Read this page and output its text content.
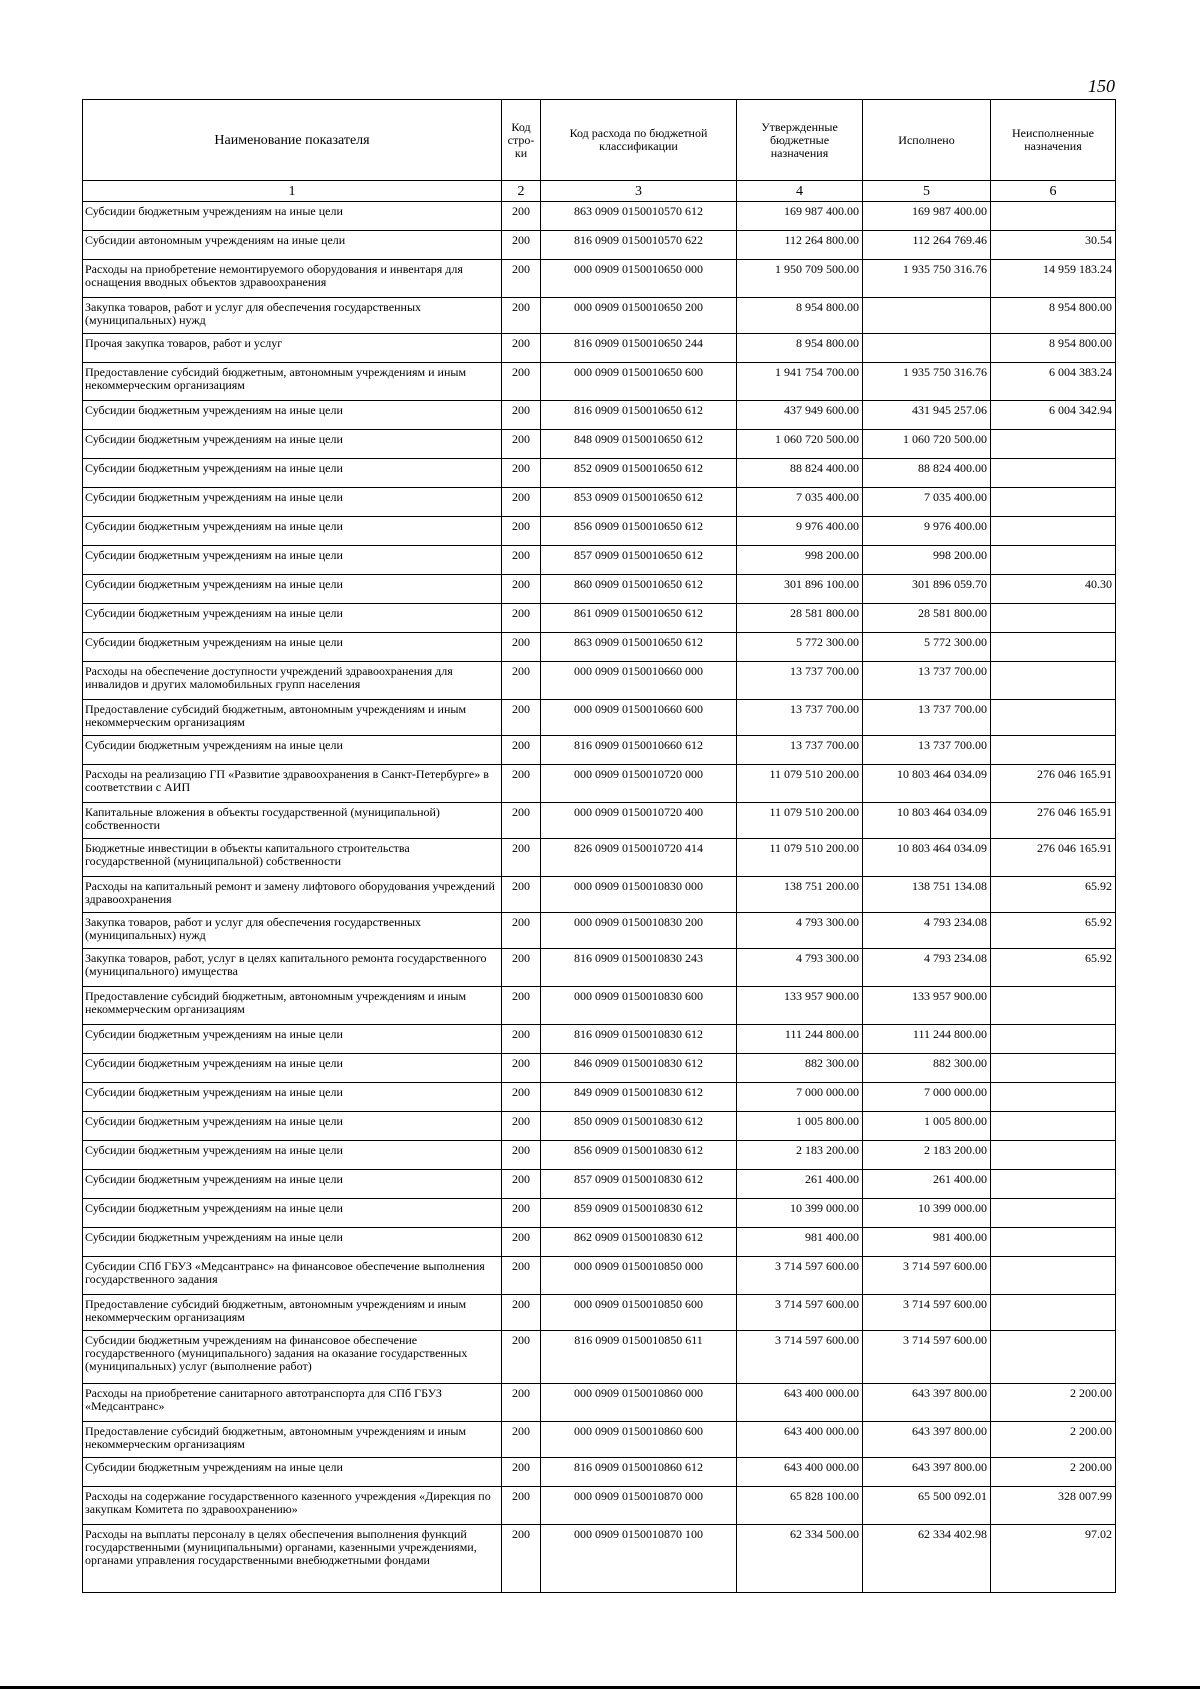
150
Наименование показателя	Код стро-ки	Код расхода по бюджетной классификации	Утвержденные бюджетные назначения	Исполнено	Неисполненные назначения
1	2	3	4	5	6
Субсидии бюджетным учреждениям на иные цели	200	863 0909 0150010570 612	169 987 400.00	169 987 400.00	
Субсидии автономным учреждениям на иные цели	200	816 0909 0150010570 622	112 264 800.00	112 264 769.46	30.54
Расходы на приобретение немонтируемого оборудования и инвентаря для оснащения вводных объектов здравоохранения	200	000 0909 0150010650 000	1 950 709 500.00	1 935 750 316.76	14 959 183.24
Закупка товаров, работ и услуг для обеспечения государственных (муниципальных) нужд	200	000 0909 0150010650 200	8 954 800.00		8 954 800.00
Прочая закупка товаров, работ и услуг	200	816 0909 0150010650 244	8 954 800.00		8 954 800.00
Предоставление субсидий бюджетным, автономным учреждениям и иным некоммерческим организациям	200	000 0909 0150010650 600	1 941 754 700.00	1 935 750 316.76	6 004 383.24
Субсидии бюджетным учреждениям на иные цели	200	816 0909 0150010650 612	437 949 600.00	431 945 257.06	6 004 342.94
Субсидии бюджетным учреждениям на иные цели	200	848 0909 0150010650 612	1 060 720 500.00	1 060 720 500.00	
Субсидии бюджетным учреждениям на иные цели	200	852 0909 0150010650 612	88 824 400.00	88 824 400.00	
Субсидии бюджетным учреждениям на иные цели	200	853 0909 0150010650 612	7 035 400.00	7 035 400.00	
Субсидии бюджетным учреждениям на иные цели	200	856 0909 0150010650 612	9 976 400.00	9 976 400.00	
Субсидии бюджетным учреждениям на иные цели	200	857 0909 0150010650 612	998 200.00	998 200.00	
Субсидии бюджетным учреждениям на иные цели	200	860 0909 0150010650 612	301 896 100.00	301 896 059.70	40.30
Субсидии бюджетным учреждениям на иные цели	200	861 0909 0150010650 612	28 581 800.00	28 581 800.00	
Субсидии бюджетным учреждениям на иные цели	200	863 0909 0150010650 612	5 772 300.00	5 772 300.00	
Расходы на обеспечение доступности учреждений здравоохранения для инвалидов и других маломобильных групп населения	200	000 0909 0150010660 000	13 737 700.00	13 737 700.00	
Предоставление субсидий бюджетным, автономным учреждениям и иным некоммерческим организациям	200	000 0909 0150010660 600	13 737 700.00	13 737 700.00	
Субсидии бюджетным учреждениям на иные цели	200	816 0909 0150010660 612	13 737 700.00	13 737 700.00	
Расходы на реализацию ГП «Развитие здравоохранения в Санкт-Петербурге» в соответствии с АИП	200	000 0909 0150010720 000	11 079 510 200.00	10 803 464 034.09	276 046 165.91
Капитальные вложения в объекты государственной (муниципальной) собственности	200	000 0909 0150010720 400	11 079 510 200.00	10 803 464 034.09	276 046 165.91
Бюджетные инвестиции в объекты капитального строительства государственной (муниципальной) собственности	200	826 0909 0150010720 414	11 079 510 200.00	10 803 464 034.09	276 046 165.91
Расходы на капитальный ремонт и замену лифтового оборудования учреждений здравоохранения	200	000 0909 0150010830 000	138 751 200.00	138 751 134.08	65.92
Закупка товаров, работ и услуг для обеспечения государственных (муниципальных) нужд	200	000 0909 0150010830 200	4 793 300.00	4 793 234.08	65.92
Закупка товаров, работ, услуг в целях капитального ремонта государственного (муниципального) имущества	200	816 0909 0150010830 243	4 793 300.00	4 793 234.08	65.92
Предоставление субсидий бюджетным, автономным учреждениям и иным некоммерческим организациям	200	000 0909 0150010830 600	133 957 900.00	133 957 900.00	
Субсидии бюджетным учреждениям на иные цели	200	816 0909 0150010830 612	111 244 800.00	111 244 800.00	
Субсидии бюджетным учреждениям на иные цели	200	846 0909 0150010830 612	882 300.00	882 300.00	
Субсидии бюджетным учреждениям на иные цели	200	849 0909 0150010830 612	7 000 000.00	7 000 000.00	
Субсидии бюджетным учреждениям на иные цели	200	850 0909 0150010830 612	1 005 800.00	1 005 800.00	
Субсидии бюджетным учреждениям на иные цели	200	856 0909 0150010830 612	2 183 200.00	2 183 200.00	
Субсидии бюджетным учреждениям на иные цели	200	857 0909 0150010830 612	261 400.00	261 400.00	
Субсидии бюджетным учреждениям на иные цели	200	859 0909 0150010830 612	10 399 000.00	10 399 000.00	
Субсидии бюджетным учреждениям на иные цели	200	862 0909 0150010830 612	981 400.00	981 400.00	
Субсидии СПб ГБУЗ «Медсантранс» на финансовое обеспечение выполнения государственного задания	200	000 0909 0150010850 000	3 714 597 600.00	3 714 597 600.00	
Предоставление субсидий бюджетным, автономным учреждениям и иным некоммерческим организациям	200	000 0909 0150010850 600	3 714 597 600.00	3 714 597 600.00	
Субсидии бюджетным учреждениям на финансовое обеспечение государственного (муниципального) задания на оказание государственных (муниципальных) услуг (выполнение работ)	200	816 0909 0150010850 611	3 714 597 600.00	3 714 597 600.00	
Расходы на приобретение санитарного автотранспорта для СПб ГБУЗ «Медсантранс»	200	000 0909 0150010860 000	643 400 000.00	643 397 800.00	2 200.00
Предоставление субсидий бюджетным, автономным учреждениям и иным некоммерческим организациям	200	000 0909 0150010860 600	643 400 000.00	643 397 800.00	2 200.00
Субсидии бюджетным учреждениям на иные цели	200	816 0909 0150010860 612	643 400 000.00	643 397 800.00	2 200.00
Расходы на содержание государственного казенного учреждения «Дирекция по закупкам Комитета по здравоохранению»	200	000 0909 0150010870 000	65 828 100.00	65 500 092.01	328 007.99
Расходы на выплаты персоналу в целях обеспечения выполнения функций государственными (муниципальными) органами, казенными учреждениями, органами управления государственными внебюджетными фондами	200	000 0909 0150010870 100	62 334 500.00	62 334 402.98	97.02
